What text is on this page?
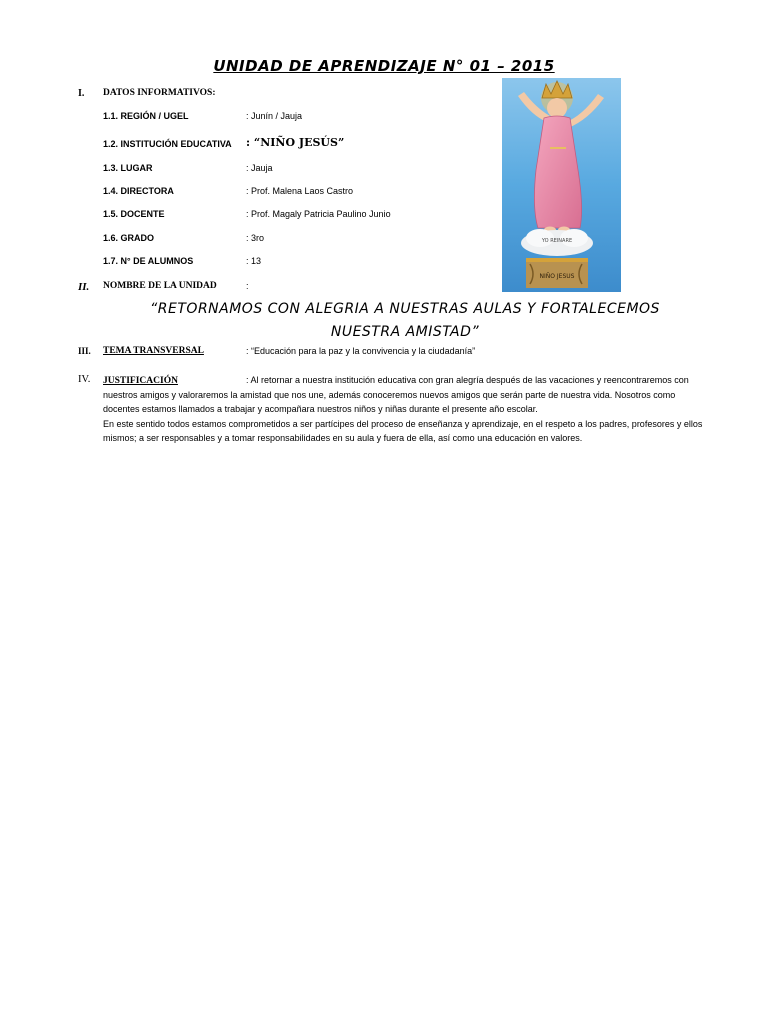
UNIDAD DE APRENDIZAJE N° 01 – 2015
I. DATOS INFORMATIVOS:
1.1. REGIÓN / UGEL	: Junín / Jauja
1.2. INSTITUCIÓN EDUCATIVA : “NIÑO JESÚS”
1.3. LUGAR	: Jauja
1.4. DIRECTORA	: Prof. Malena Laos Castro
1.5. DOCENTE	: Prof. Magaly Patricia Paulino Junio
1.6. GRADO	: 3ro
1.7. N° DE ALUMNOS	: 13
II. NOMBRE DE LA UNIDAD	:
“RETORNAMOS CON ALEGRIA A NUESTRAS AULAS Y FORTALECEMOS
NUESTRA AMISTAD”
III. TEMA TRANSVERSAL	: “Educación para la paz y la convivencia y la ciudadanía”
IV. JUSTIFICACIÓN	: Al retornar a nuestra institución educativa con gran alegría después de las vacaciones y reencontraremos con nuestros amigos y valoraremos la amistad que nos une, además conoceremos nuevos amigos que serán parte de nuestra vida. Nosotros como docentes estamos llamados a trabajar y acompañara nuestros niños y niñas durante el presente año escolar.

En este sentido todos estamos comprometidos a ser partícipes del proceso de enseñanza y aprendizaje, en el respeto a los padres, profesores y ellos mismos; a ser responsables y a tomar responsabilidades en su aula y fuera de ella, así como una educación en valores.

YO REINARE
NIÑO JESUS
